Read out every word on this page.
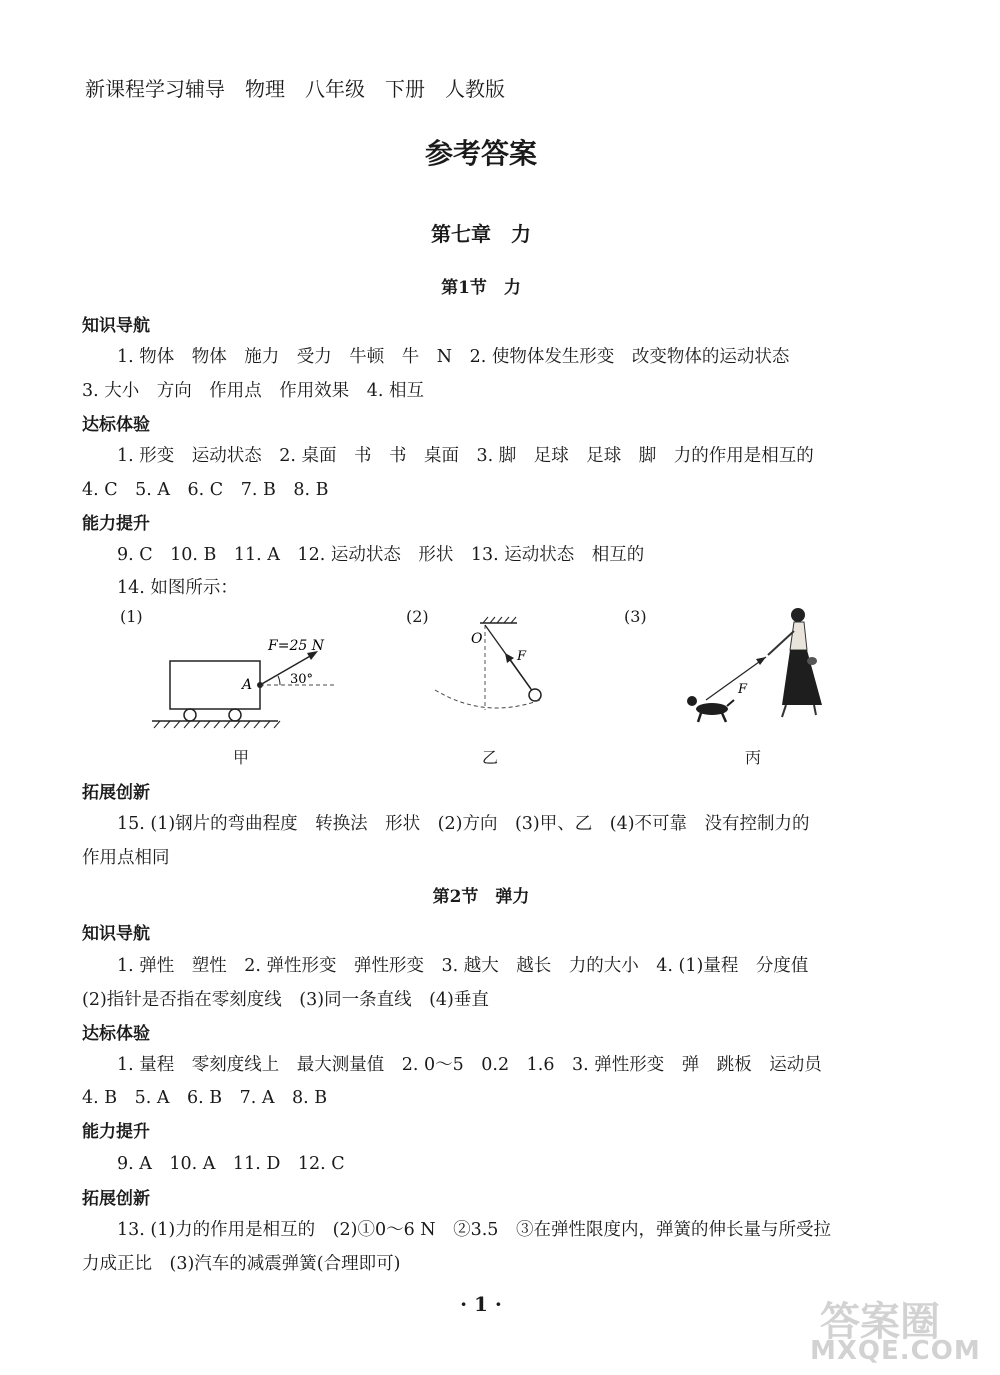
新课程学习辅导　物理　八年级　下册　人教版
参考答案
第七章　力
第1节　力
知识导航
1. 物体　物体　施力　受力　牛顿　牛　N　2. 使物体发生形变　改变物体的运动状态
3. 大小　方向　作用点　作用效果　4. 相互
达标体验
1. 形变　运动状态　2. 桌面　书　书　桌面　3. 脚　足球　足球　脚　力的作用是相互的
4. C　5. A　6. C　7. B　8. B
能力提升
9. C　10. B　11. A　12. 运动状态　形状　13. 运动状态　相互的
14. 如图所示：
(1)	(2)	(3)
F=25 N
A	30°
O
F
F
甲	乙	丙
拓展创新
15. (1)钢片的弯曲程度　转换法　形状　(2)方向　(3)甲、乙　(4)不可靠　没有控制力的
作用点相同
第2节　弹力
知识导航
1. 弹性　塑性　2. 弹性形变　弹性形变　3. 越大　越长　力的大小　4. (1)量程　分度值
(2)指针是否指在零刻度线　(3)同一条直线　(4)垂直
达标体验
1. 量程　零刻度线上　最大测量值　2. 0～5　0.2　1.6　3. 弹性形变　弹　跳板　运动员
4. B　5. A　6. B　7. A　8. B
能力提升
9. A　10. A　11. D　12. C
拓展创新
13. (1)力的作用是相互的　(2)①0～6 N　②3.5　③在弹性限度内，弹簧的伸长量与所受拉
力成正比　(3)汽车的减震弹簧(合理即可)
· 1 ·	答案圈
MXQE.COM
